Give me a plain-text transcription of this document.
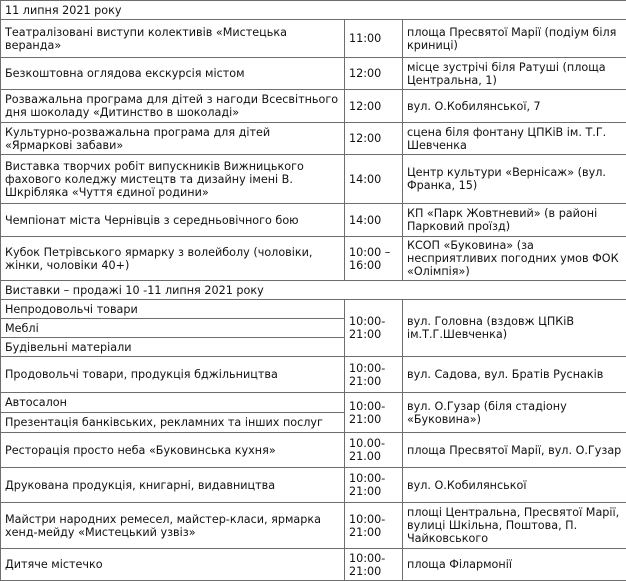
11 липня 2021 року		
Театралізовані виступи колективів «Мистецька веранда»	11:00	площа Пресвятої Марії (подіум біля криниці)
Безкоштовна оглядова екскурсія містом	12:00	місце зустрічі біля Ратуші (площа Центральна, 1)
Розважальна програма для дітей з нагоди Всесвітнього дня шоколаду «Дитинство в шоколаді»	12:00	вул. О.Кобилянської, 7
Культурно-розважальна програма для дітей «Ярмаркові забави»	12:00	сцена біля фонтану ЦПКіВ ім. Т.Г. Шевченка
Виставка творчих робіт випускників Вижницького фахового коледжу мистецтв та дизайну імені В. Шкрібляка «Чуття єдиної родини»	14:00	Центр культури «Вернісаж» (вул. Франка, 15)
Чемпіонат міста Чернівців з середньовічного бою	14:00	КП «Парк Жовтневий» (в районі Парковий проїзд)
Кубок Петрівського ярмарку з волейболу (чоловіки, жінки, чоловіки 40+)	10:00 – 16:00	КСОП «Буковина» (за несприятливих погодних умов ФОК «Олімпія»)
Виставки – продажі 10 -11 липня 2021 року		
Непродовольчі товари	10:00- 21:00	вул. Головна (вздовж ЦПКіВ ім.Т.Г.Шевченка)
Меблі		
Будівельні матеріали		
Продовольчі товари, продукція бджільництва	10:00- 21:00	вул. Садова, вул. Братів Руснаків
Автосалон	10:00- 21:00	вул. О.Гузар (біля стадіону «Буковина»)
Презентація банківських, рекламних та інших послуг		
Ресторація просто неба «Буковинська кухня»	10.00- 21.00	площа Пресвятої Марії, вул. О.Гузар
Друкована продукція, книгарні, видавництва	10:00- 21:00	вул. О.Кобилянської
Майстри народних ремесел, майстер-класи, ярмарка хенд-мейду «Мистецький узвіз»	10:00- 21:00	площі Центральна, Пресвятої Марії, вулиці Шкільна, Поштова, П. Чайковського
Дитяче містечко	10:00- 21:00	площа Філармонії
